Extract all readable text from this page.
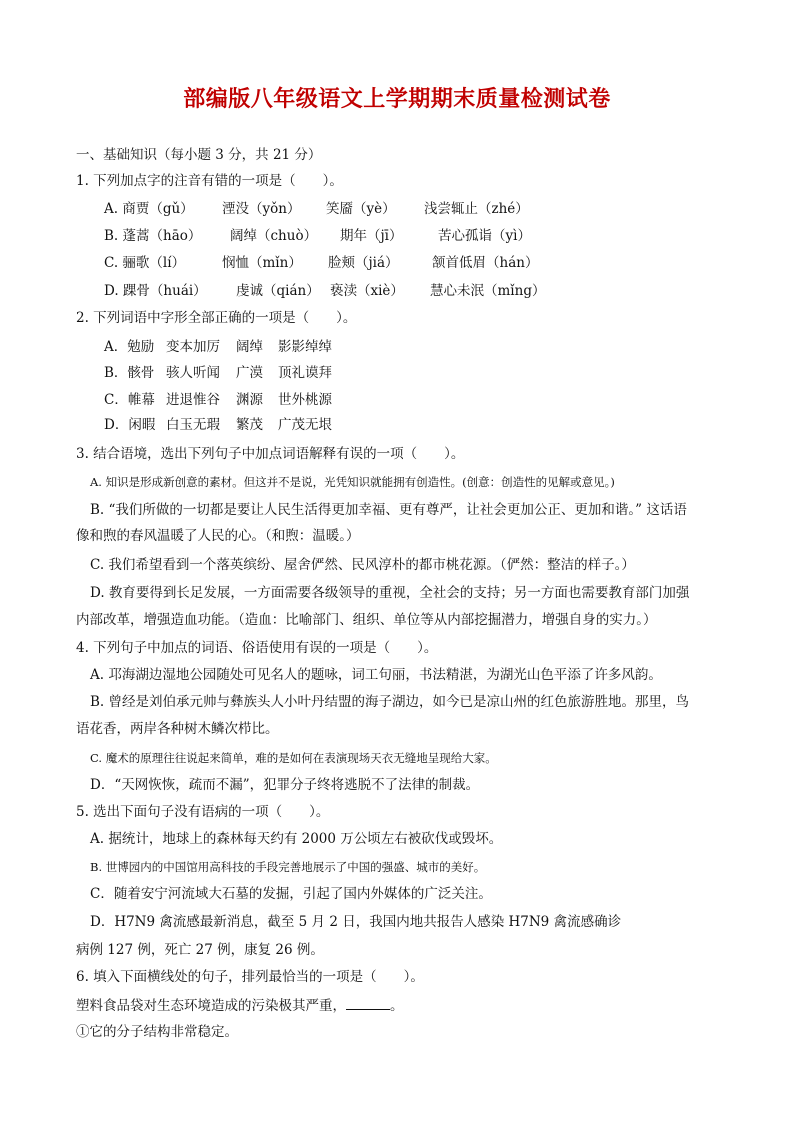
部编版八年级语文上学期期末质量检测试卷
一、基础知识（每小题 3 分，共 21 分）
1. 下列加点字的注音有错的一项是（　　）。
A. 商贾（gǔ） 湮没（yǒn） 笑靥（yè） 浅尝辄止（zhé）
B. 蓬蒿（hāo） 阔绰（chuò） 期年（jī）	苦心孤诣（yì）
C. 骊歌（lí）	悯恤（mǐn） 脸颊（jiá） 颔首低眉（hán）
D. 踝骨（huái） 虔诚（qián） 亵渎（xiè） 慧心未泯（mǐng）
2. 下列词语中字形全部正确的一项是（　　）。
A．勉励 变本加厉 阔绰 影影绰绰
B．骸骨 骇人听闻 广漠 顶礼谟拜
C．帷幕 进退惟谷 渊源 世外桃源
D．闲暇 白玉无瑕 繁茂 广茂无垠
3. 结合语境，选出下列句子中加点词语解释有误的一项（　　）。
A. 知识是形成新创意的素材。但这并不是说，光凭知识就能拥有创造性。(创意：创造性的见解或意见。)
B. “我们所做的一切都是要让人民生活得更加幸福、更有尊严，让社会更加公正、更加和谐。” 这话语
像和煦的春风温暖了人民的心。（和煦：温暖。）
C. 我们希望看到一个落英缤纷、屋舍俨然、民风淳朴的都市桃花源。（俨然：整洁的样子。）
D. 教育要得到长足发展，一方面需要各级领导的重视，全社会的支持；另一方面也需要教育部门加强
内部改革，增强造血功能。（造血：比喻部门、组织、单位等从内部挖掘潜力，增强自身的实力。）
4. 下列句子中加点的词语、俗语使用有误的一项是（　　）。
A. 邛海湖边湿地公园随处可见名人的题咏，词工句丽，书法精湛，为湖光山色平添了许多风韵。
B. 曾经是刘伯承元帅与彝族头人小叶丹结盟的海子湖边，如今已是凉山州的红色旅游胜地。那里，鸟
语花香，两岸各种树木鳞次栉比。
C. 魔术的原理往往说起来简单，难的是如何在表演现场天衣无缝地呈现给大家。
D．“天网恢恢，疏而不漏”，犯罪分子终将逃脱不了法律的制裁。
5. 选出下面句子没有语病的一项（　　）。
A. 据统计，地球上的森林每天约有 2000 万公顷左右被砍伐或毁坏。
B. 世博园内的中国馆用高科技的手段完善地展示了中国的强盛、城市的美好。
C．随着安宁河流域大石墓的发掘，引起了国内外媒体的广泛关注。
D．H7N9 禽流感最新消息，截至 5 月 2 日，我国内地共报告人感染 H7N9 禽流感确诊
病例 127 例，死亡 27 例，康复 26 例。
6. 填入下面横线处的句子，排列最恰当的一项是（　　）。
塑料食品袋对生态环境造成的污染极其严重，	。
①它的分子结构非常稳定。
